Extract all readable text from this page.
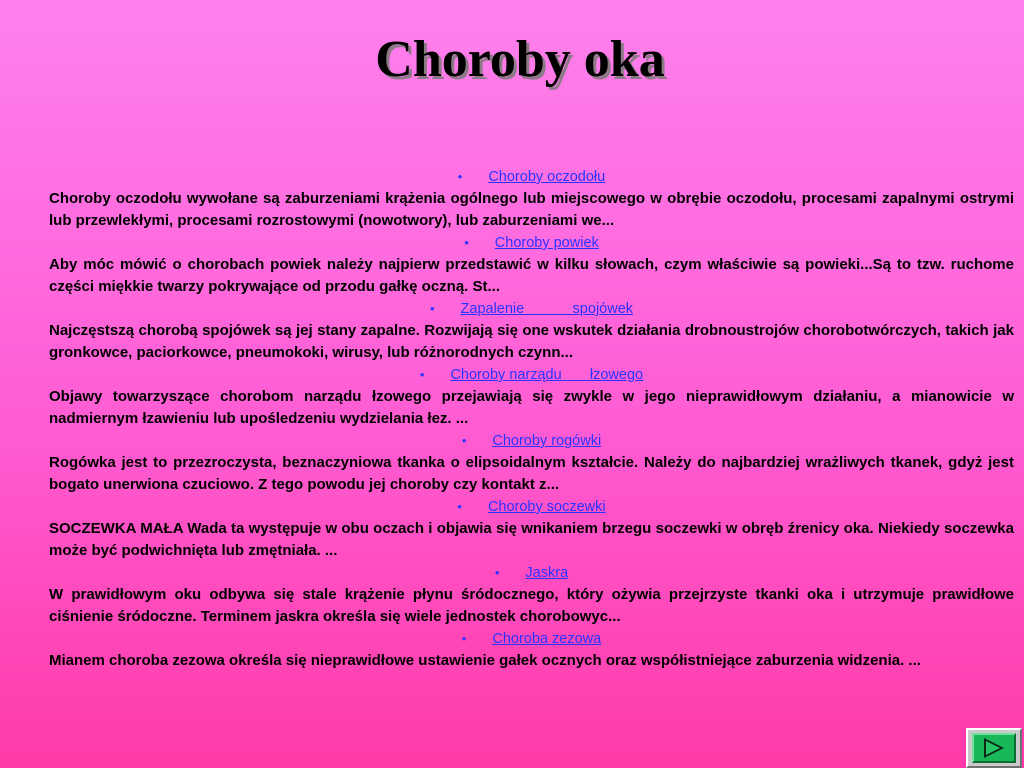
Choroby oka
• Choroby oczodołu

Choroby oczodołu wywołane są zaburzeniami krążenia ogólnego lub miejscowego w obrębie oczodołu, procesami zapalnymi ostrymi lub przewlekłymi, procesami rozrostowymi (nowotwory), lub zaburzeniami we...

• Choroby powiek

Aby móc mówić o chorobach powiek należy najpierw przedstawić w kilku słowach, czym właściwie są powieki...Są to tzw. ruchome części miękkie twarzy pokrywające od przodu gałkę oczną. St...

• Zapalenie            spojówek

Najczęstszą chorobą spojówek są jej stany zapalne. Rozwijają się one wskutek działania drobnoustrojów chorobotwórczych, takich jak gronkowce, paciorkowce, pneumokoki, wirusy, lub różnorodnych czynn...

• Choroby narządu       łzowego

Objawy towarzyszące chorobom narządu łzowego przejawiają się zwykle w jego nieprawidłowym działaniu, a mianowicie w nadmiernym łzawieniu lub upośledzeniu wydzielania łez. ...

• Choroby rogówki

Rogówka jest to przezroczysta, beznaczyniowa tkanka o elipsoidalnym kształcie. Należy do najbardziej wrażliwych tkanek, gdyż jest bogato unerwiona czuciowo. Z tego powodu jej choroby czy kontakt z...

• Choroby soczewki

SOCZEWKA MAŁA Wada ta występuje w obu oczach i objawia się wnikaniem brzegu soczewki w obręb źrenicy oka. Niekiedy soczewka może być podwichnięta lub zmętniała. ...

• Jaskra

W prawidłowym oku odbywa się stale krążenie płynu śródocznego, który ożywia przejrzyste tkanki oka i utrzymuje prawidłowe ciśnienie śródoczne. Terminem jaskra określa się wiele jednostek chorobowyc...

• Choroba zezowa

Mianem choroba zezowa określa się nieprawidłowe ustawienie gałek ocznych oraz współistniejące zaburzenia widzenia. ...
